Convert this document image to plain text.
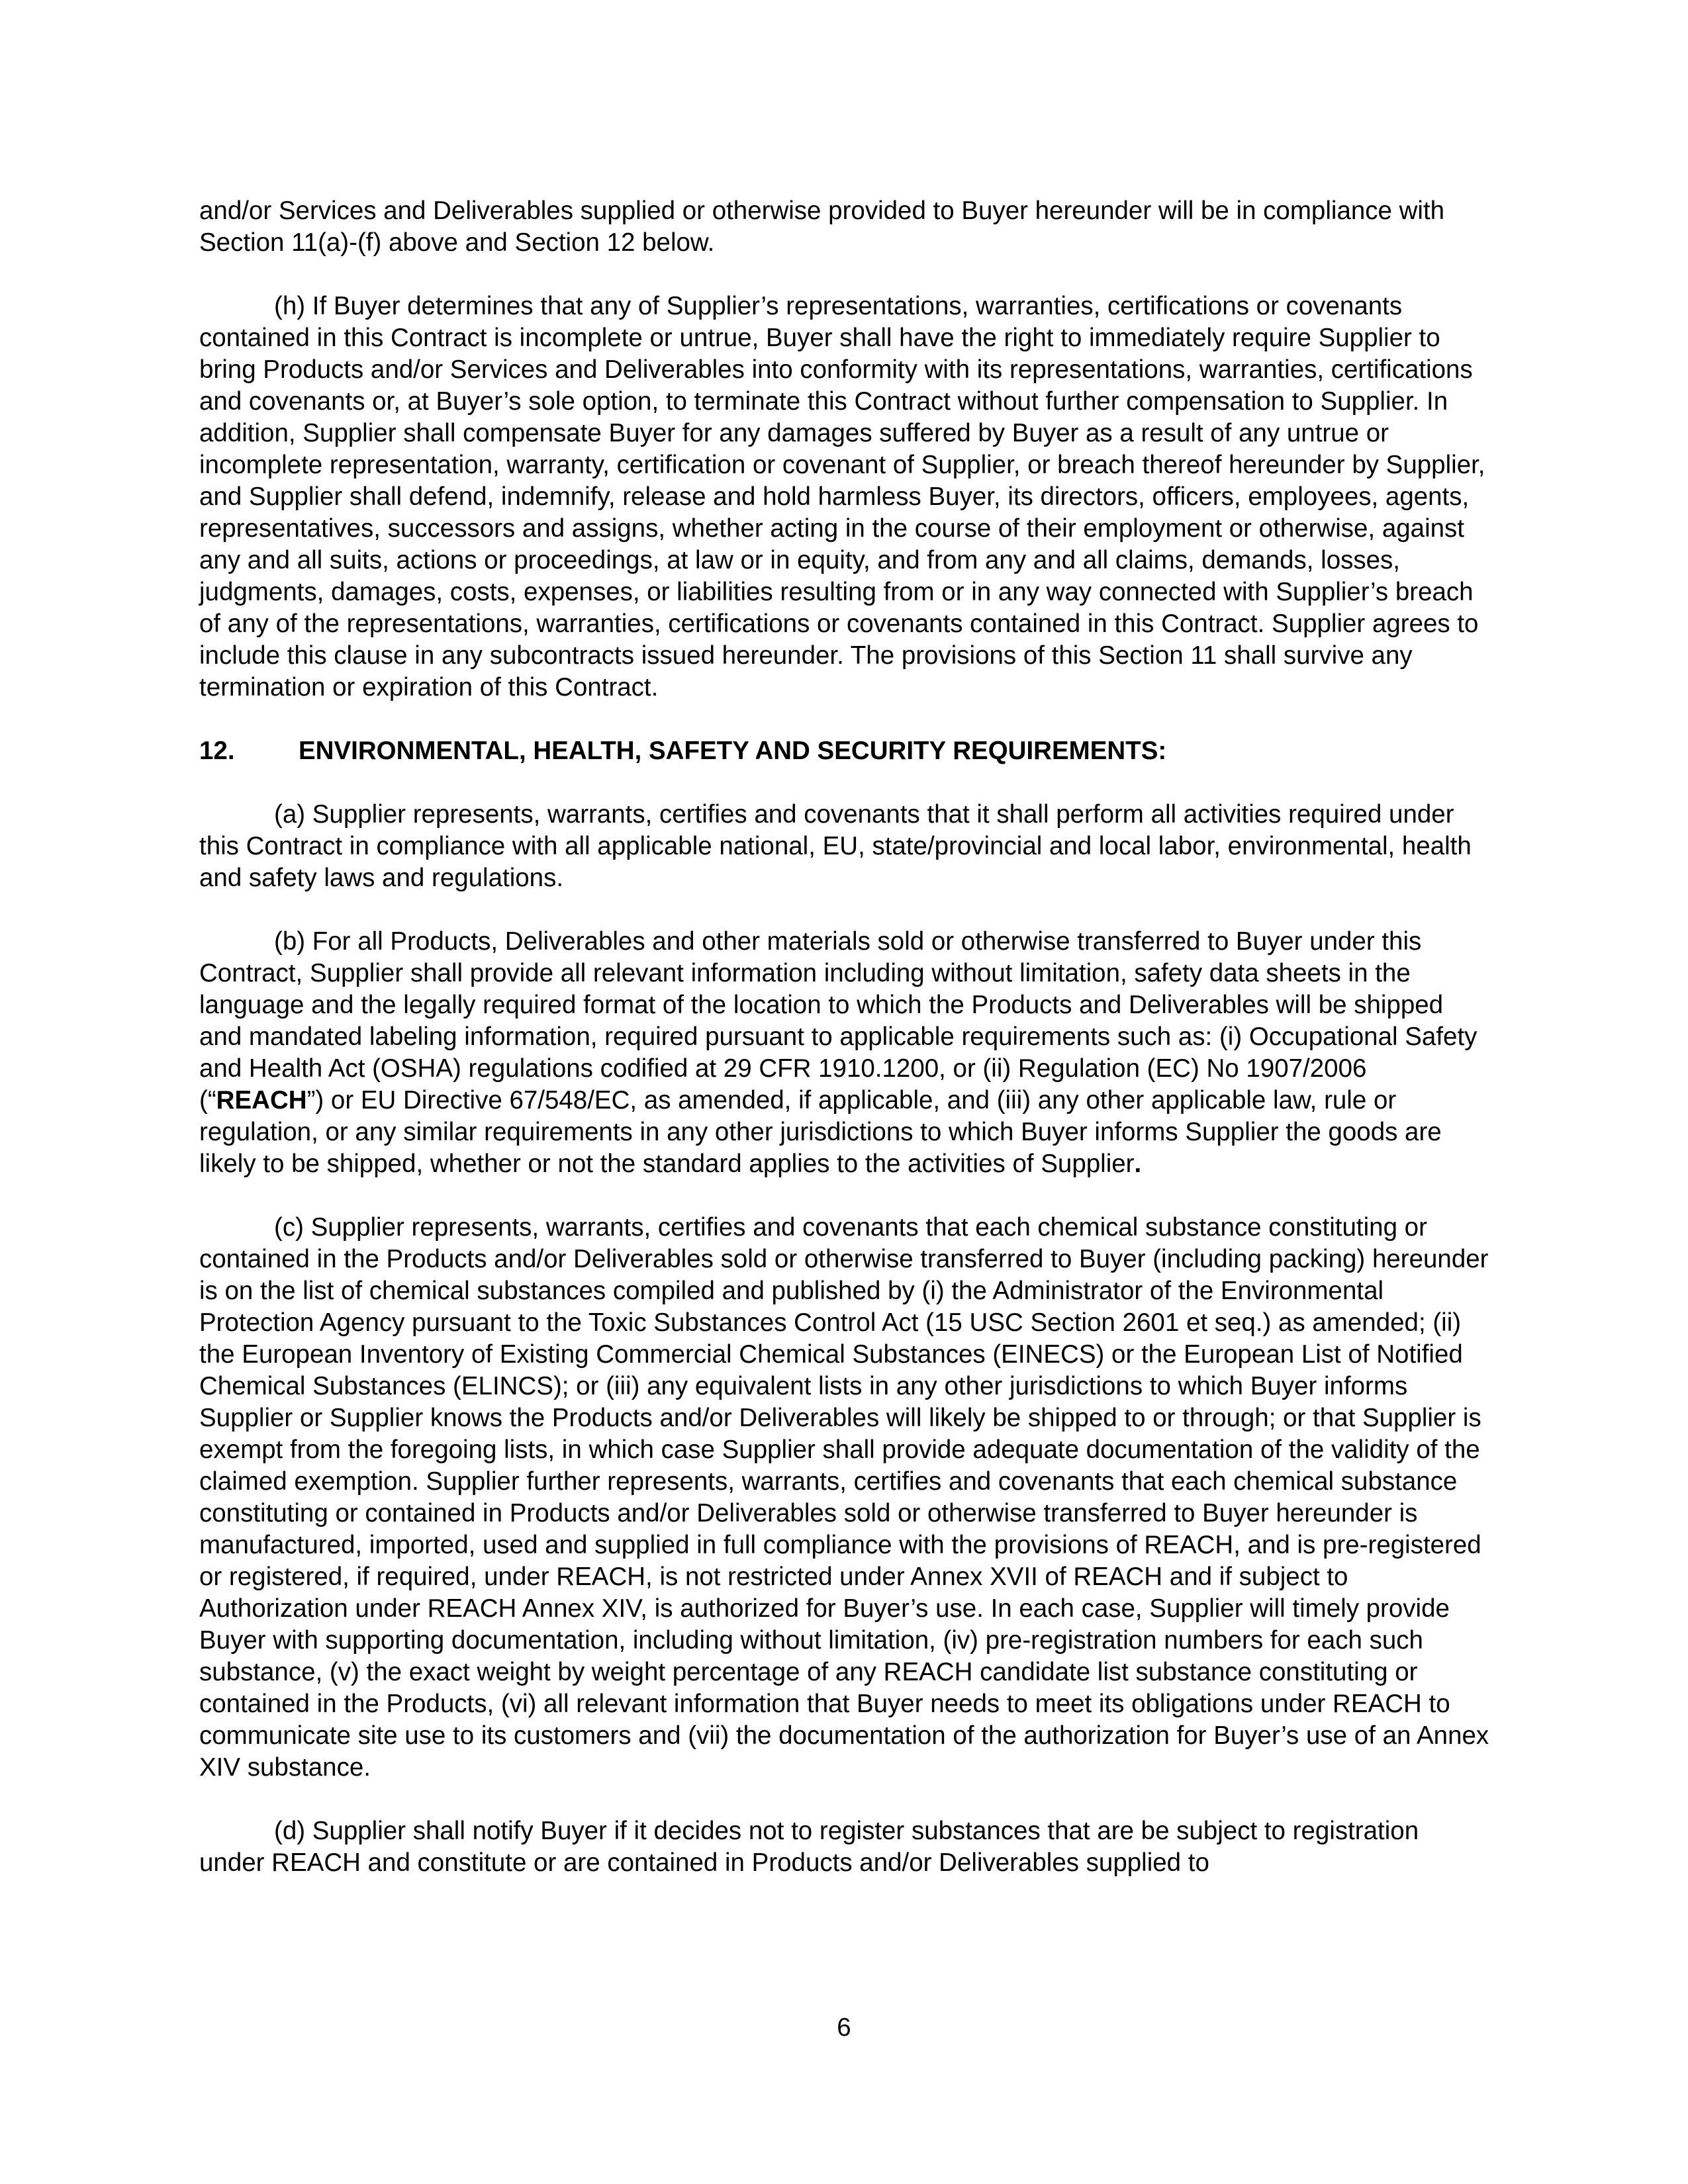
and/or Services and Deliverables supplied or otherwise provided to Buyer hereunder will be in compliance with Section 11(a)-(f) above and Section 12 below.

(h) If Buyer determines that any of Supplier’s representations, warranties, certifications or covenants contained in this Contract is incomplete or untrue, Buyer shall have the right to immediately require Supplier to bring Products and/or Services and Deliverables into conformity with its representations, warranties, certifications and covenants or, at Buyer’s sole option, to terminate this Contract without further compensation to Supplier. In addition, Supplier shall compensate Buyer for any damages suffered by Buyer as a result of any untrue or incomplete representation, warranty, certification or covenant of Supplier, or breach thereof hereunder by Supplier, and Supplier shall defend, indemnify, release and hold harmless Buyer, its directors, officers, employees, agents, representatives, successors and assigns, whether acting in the course of their employment or otherwise, against any and all suits, actions or proceedings, at law or in equity, and from any and all claims, demands, losses, judgments, damages, costs, expenses, or liabilities resulting from or in any way connected with Supplier’s breach of any of the representations, warranties, certifications or covenants contained in this Contract. Supplier agrees to include this clause in any subcontracts issued hereunder. The provisions of this Section 11 shall survive any termination or expiration of this Contract.

12.	ENVIRONMENTAL, HEALTH, SAFETY AND SECURITY REQUIREMENTS:

(a) Supplier represents, warrants, certifies and covenants that it shall perform all activities required under this Contract in compliance with all applicable national, EU, state/provincial and local labor, environmental, health and safety laws and regulations.

(b) For all Products, Deliverables and other materials sold or otherwise transferred to Buyer under this Contract, Supplier shall provide all relevant information including without limitation, safety data sheets in the language and the legally required format of the location to which the Products and Deliverables will be shipped and mandated labeling information, required pursuant to applicable requirements such as: (i) Occupational Safety and Health Act (OSHA) regulations codified at 29 CFR 1910.1200, or (ii) Regulation (EC) No 1907/2006 (“REACH”) or EU Directive 67/548/EC, as amended, if applicable, and (iii) any other applicable law, rule or regulation, or any similar requirements in any other jurisdictions to which Buyer informs Supplier the goods are likely to be shipped, whether or not the standard applies to the activities of Supplier.

(c) Supplier represents, warrants, certifies and covenants that each chemical substance constituting or contained in the Products and/or Deliverables sold or otherwise transferred to Buyer (including packing) hereunder is on the list of chemical substances compiled and published by (i) the Administrator of the Environmental Protection Agency pursuant to the Toxic Substances Control Act (15 USC Section 2601 et seq.) as amended; (ii) the European Inventory of Existing Commercial Chemical Substances (EINECS) or the European List of Notified Chemical Substances (ELINCS); or (iii) any equivalent lists in any other jurisdictions to which Buyer informs Supplier or Supplier knows the Products and/or Deliverables will likely be shipped to or through; or that Supplier is exempt from the foregoing lists, in which case Supplier shall provide adequate documentation of the validity of the claimed exemption. Supplier further represents, warrants, certifies and covenants that each chemical substance constituting or contained in Products and/or Deliverables sold or otherwise transferred to Buyer hereunder is manufactured, imported, used and supplied in full compliance with the provisions of REACH, and is pre-registered or registered, if required, under REACH, is not restricted under Annex XVII of REACH and if subject to Authorization under REACH Annex XIV, is authorized for Buyer’s use. In each case, Supplier will timely provide Buyer with supporting documentation, including without limitation, (iv) pre-registration numbers for each such substance, (v) the exact weight by weight percentage of any REACH candidate list substance constituting or contained in the Products, (vi) all relevant information that Buyer needs to meet its obligations under REACH to communicate site use to its customers and (vii) the documentation of the authorization for Buyer’s use of an Annex XIV substance.

(d) Supplier shall notify Buyer if it decides not to register substances that are be subject to registration under REACH and constitute or are contained in Products and/or Deliverables supplied to

6
